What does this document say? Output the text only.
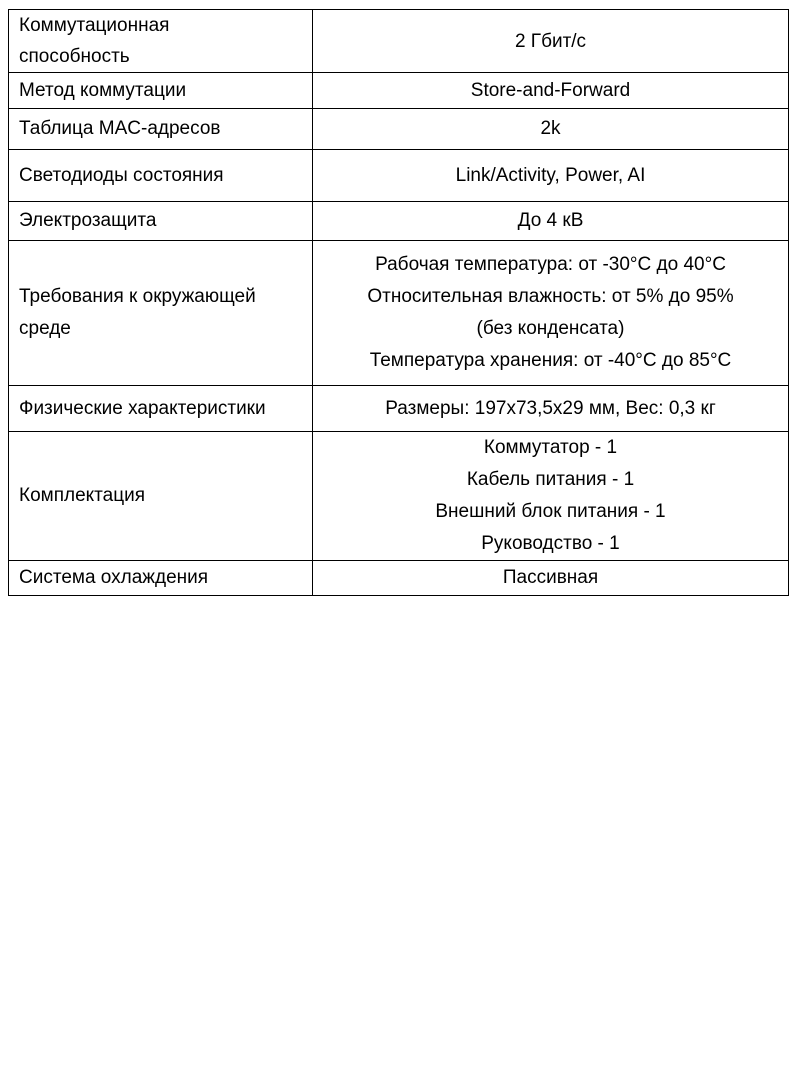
Коммутационная
способность	2 Гбит/с

Метод коммутации	Store-and-Forward

Таблица MAC-адресов	2k

Светодиоды состояния	Link/Activity, Power, AI

Электрозащита	До 4 кВ

Требования к окружающей
среде	Рабочая температура: от -30°C до 40°C
Относительная влажность: от 5% до 95%
(без конденсата)
Температура хранения: от -40°C до 85°C

Физические характеристики	Размеры: 197x73,5x29 мм, Вес: 0,3 кг

Комплектация	Коммутатор - 1
Кабель питания - 1
Внешний блок питания - 1
Руководство - 1

Система охлаждения	Пассивная
